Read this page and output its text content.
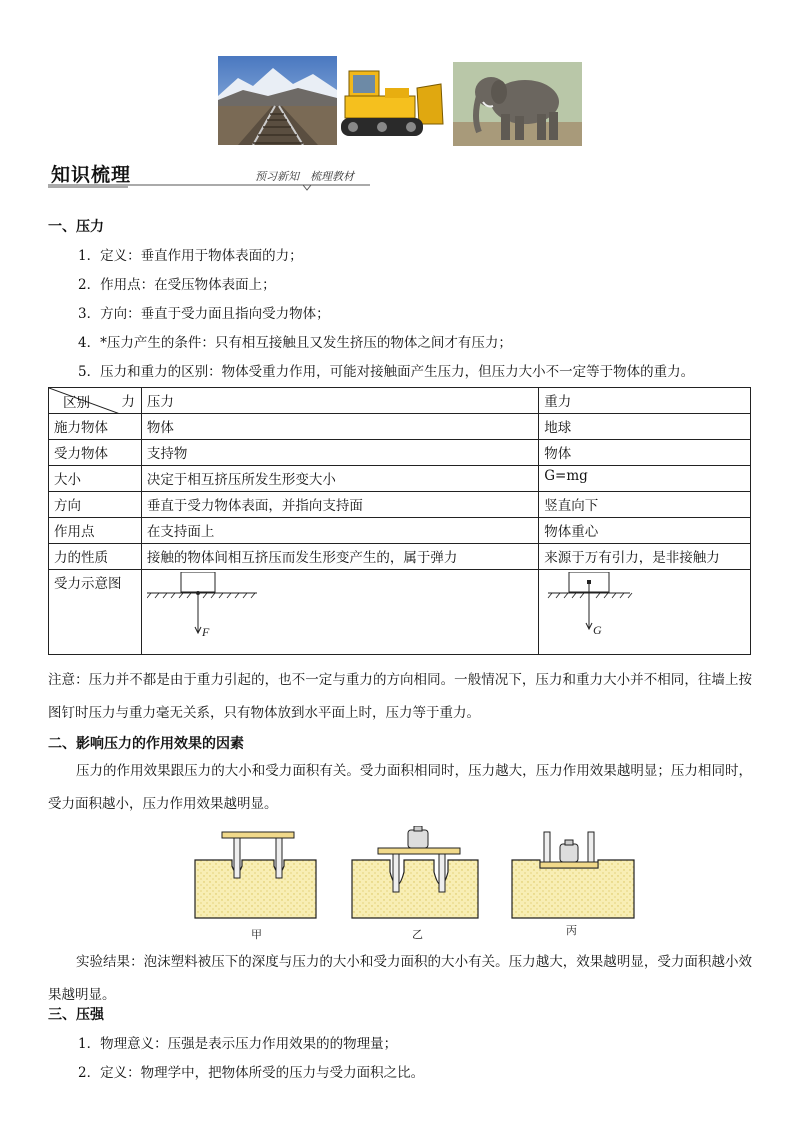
知识梳理	预习新知　梳理教材
一、压力
1．定义：垂直作用于物体表面的力；
2．作用点：在受压物体表面上；
3．方向：垂直于受力面且指向受力物体；
4．*压力产生的条件：只有相互接触且又发生挤压的物体之间才有压力；
5．压力和重力的区别：物体受重力作用，可能对接触面产生压力，但压力大小不一定等于物体的重力。
力
区别	压力	重力
施力物体	物体	地球
受力物体	支持物	物体
大小	决定于相互挤压所发生形变大小	G=mg
方向	垂直于受力物体表面，并指向支持面	竖直向下
作用点	在支持面上	物体重心
力的性质	接触的物体间相互挤压而发生形变产生的，属于弹力	来源于万有引力，是非接触力
受力示意图	F	G
注意：压力并不都是由于重力引起的，也不一定与重力的方向相同。一般情况下，压力和重力大小并不相同，往墙上按图钉时压力与重力毫无关系，只有物体放到水平面上时，压力等于重力。
二、影响压力的作用效果的因素
压力的作用效果跟压力的大小和受力面积有关。受力面积相同时，压力越大，压力作用效果越明显；压力相同时，受力面积越小，压力作用效果越明显。
甲	乙	丙
实验结果：泡沫塑料被压下的深度与压力的大小和受力面积的大小有关。压力越大，效果越明显，受力面积越小效果越明显。
三、压强
1．物理意义：压强是表示压力作用效果的的物理量；
2．定义：物理学中，把物体所受的压力与受力面积之比。
